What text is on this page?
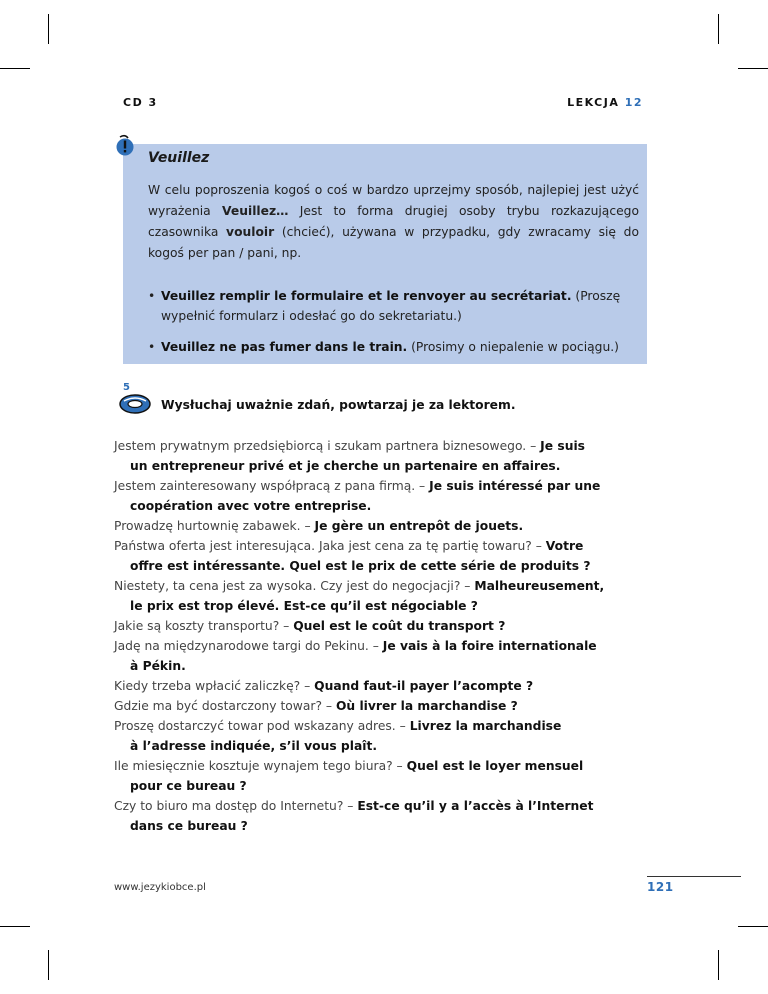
CD 3	LEKCJA 12
Veuillez

W celu poproszenia kogoś o coś w bardzo uprzejmy sposób, najlepiej jest użyć wyrażenia Veuillez… Jest to forma drugiej osoby trybu rozkazującego czasownika vouloir (chcieć), używana w przypadku, gdy zwracamy się do kogoś per pan / pani, np.

• Veuillez remplir le formulaire et le renvoyer au secrétariat. (Proszę wypełnić formularz i odesłać go do sekretariatu.)

• Veuillez ne pas fumer dans le train. (Prosimy o niepalenie w pociągu.)

5
Wysłuchaj uważnie zdań, powtarzaj je za lektorem.

Jestem prywatnym przedsiębiorcą i szukam partnera biznesowego. – Je suis
un entrepreneur privé et je cherche un partenaire en affaires.

Jestem zainteresowany współpracą z pana firmą. – Je suis intéressé par une
coopération avec votre entreprise.

Prowadzę hurtownię zabawek. – Je gère un entrepôt de jouets.

Państwa oferta jest interesująca. Jaka jest cena za tę partię towaru? – Votre
offre est intéressante. Quel est le prix de cette série de produits ?

Niestety, ta cena jest za wysoka. Czy jest do negocjacji? – Malheureusement,
le prix est trop élevé. Est-ce qu’il est négociable ?

Jakie są koszty transportu? – Quel est le coût du transport ?

Jadę na międzynarodowe targi do Pekinu. – Je vais à la foire internationale
à Pékin.

Kiedy trzeba wpłacić zaliczkę? – Quand faut-il payer l’acompte ?

Gdzie ma być dostarczony towar? – Où livrer la marchandise ?

Proszę dostarczyć towar pod wskazany adres. – Livrez la marchandise
à l’adresse indiquée, s’il vous plaît.

Ile miesięcznie kosztuje wynajem tego biura? – Quel est le loyer mensuel
pour ce bureau ?

Czy to biuro ma dostęp do Internetu? – Est-ce qu’il y a l’accès à l’Internet
dans ce bureau ?

www.jezykiobce.pl	121
